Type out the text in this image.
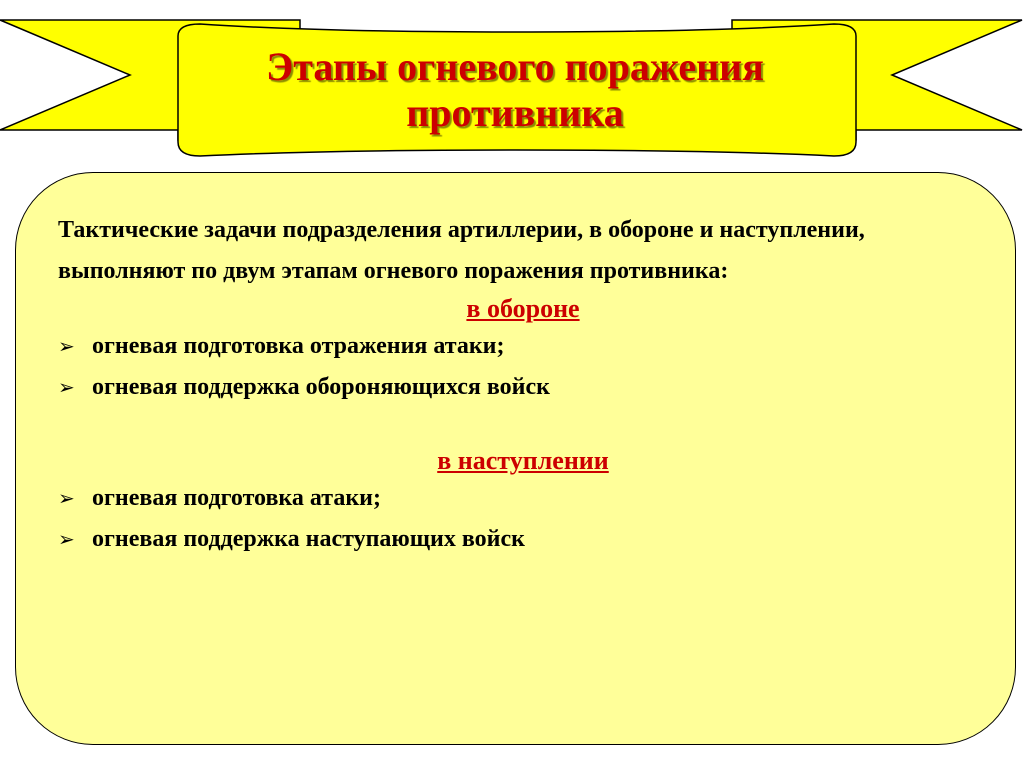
Этапы огневого поражения
противника

Тактические задачи подразделения артиллерии, в обороне и наступлении, выполняют по двум этапам огневого поражения противника:

в обороне

➢ огневая подготовка отражения атаки;

➢ огневая поддержка обороняющихся войск

в наступлении

➢ огневая подготовка атаки;

➢ огневая поддержка наступающих войск
